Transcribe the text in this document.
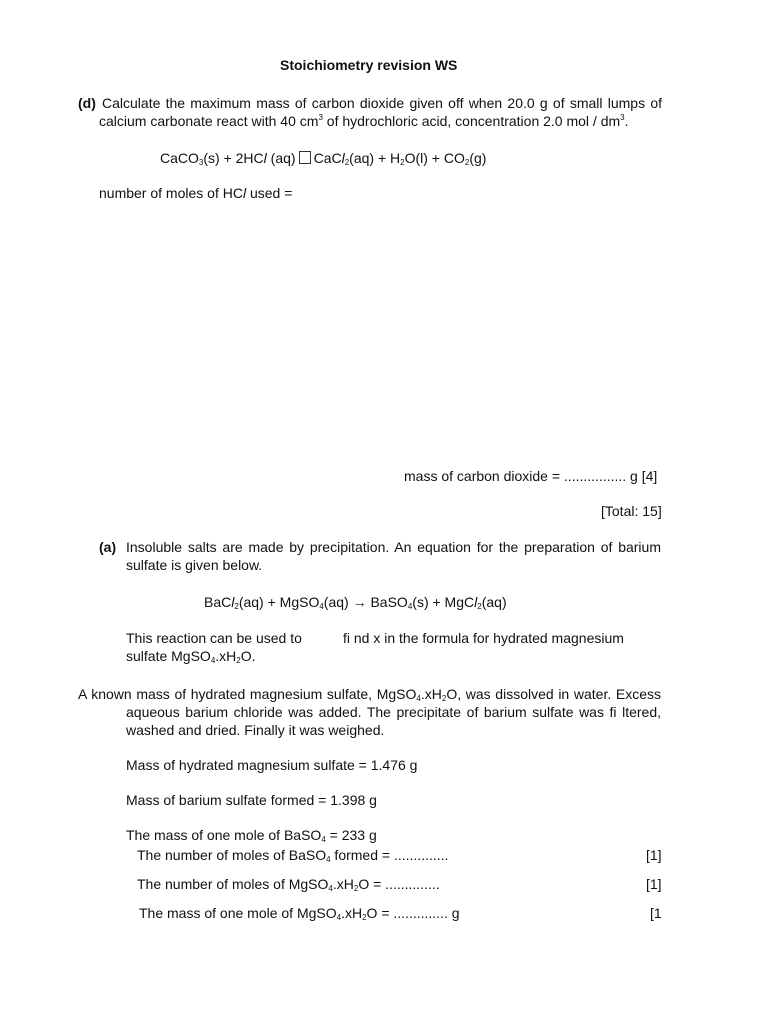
Stoichiometry revision WS
(d) Calculate the maximum mass of carbon dioxide given off when 20.0 g of small lumps of
calcium carbonate react with 40 $cm^3$ of hydrochloric acid, concentration 2.0 mol / $dm^3$.
CaCO$_3$(s) + 2HCl (aq) CaCl$_2$(aq) + $H_2O(l) + CO_2(g)$
number of moles of HCl used =
mass of carbon dioxide = ................ g [4]
[Total: 15]
(a) Insoluble salts are made by precipitation. An equation for the preparation of barium
sulfate is given below.
BaCl$_2$(aq) + MgSO$_4$(aq) → BaSO$_4$(s) + MgCl$_2$(aq)
This reaction can be used to	fi nd x in the formula for hydrated magnesium
sulfate $MgSO_4.xH_2O$.
A known mass of hydrated magnesium sulfate, $MgSO_4.xH_2O$, was dissolved in water. Excess
aqueous barium chloride was added. The precipitate of barium sulfate was fi ltered,
washed and dried. Finally it was weighed.
Mass of hydrated magnesium sulfate = 1.476 g
Mass of barium sulfate formed = 1.398 g
The mass of one mole of BaSO$_4$ = 233 g
The number of moles of BaSO$_4$ formed = ..............	[1]
The number of moles of $MgSO_4.xH_2O$ = ..............	[1]
The mass of one mole of $MgSO_4.xH_2O$ = .............. g	[1
